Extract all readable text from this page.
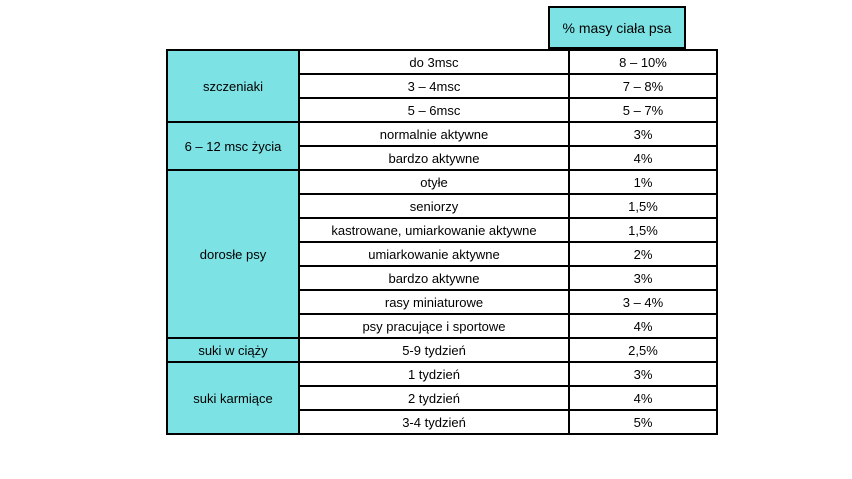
% masy ciała psa
szczeniaki	do 3msc	8 – 10%
	3 – 4msc	7 – 8%
	5 – 6msc	5 – 7%
6 – 12 msc życia	normalnie aktywne	3%
	bardzo aktywne	4%
dorosłe psy	otyłe	1%
	seniorzy	1,5%
	kastrowane, umiarkowanie aktywne	1,5%
	umiarkowanie aktywne	2%
	bardzo aktywne	3%
	rasy miniaturowe	3 – 4%
	psy pracujące i sportowe	4%
suki w ciąży	5-9 tydzień	2,5%
suki karmiące	1 tydzień	3%
	2 tydzień	4%
	3-4 tydzień	5%
